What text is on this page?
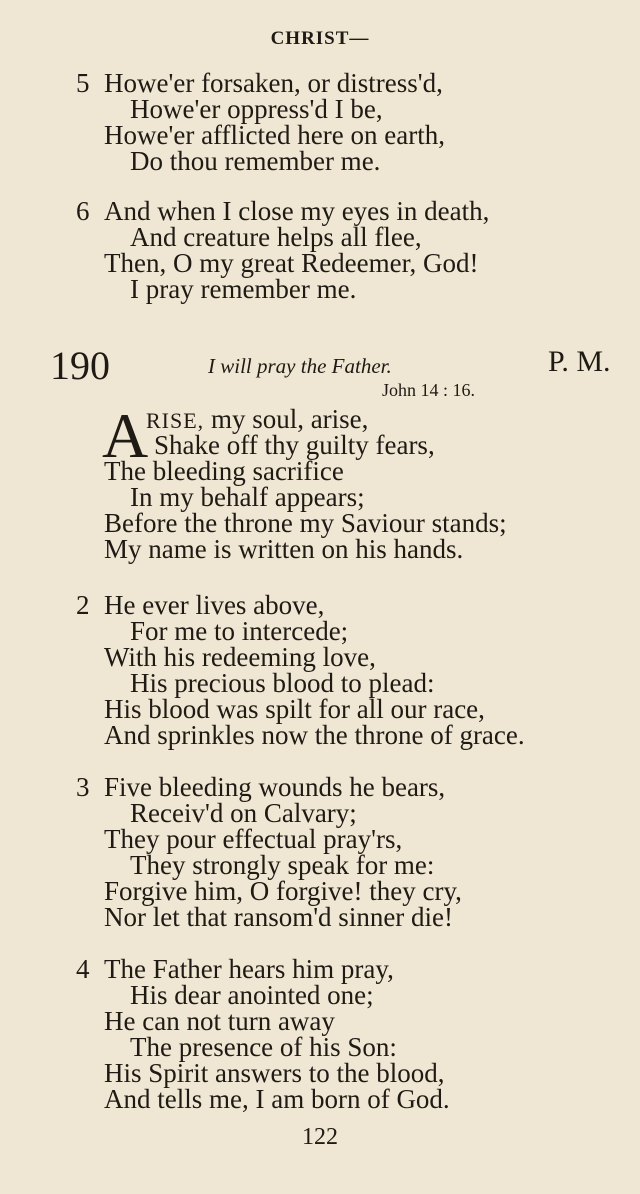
CHRIST—
5 Howe'er forsaken, or distress'd,
Howe'er oppress'd I be,
Howe'er afflicted here on earth,
Do thou remember me.
6 And when I close my eyes in death,
And creature helps all flee,
Then, O my great Redeemer, God!
I pray remember me.
190	I will pray the Father.	P. M.
John 14 : 16.
A
RISE, my soul, arise,
Shake off thy guilty fears,
The bleeding sacrifice
In my behalf appears;
Before the throne my Saviour stands;
My name is written on his hands.
2 He ever lives above,
For me to intercede;
With his redeeming love,
His precious blood to plead:
His blood was spilt for all our race,
And sprinkles now the throne of grace.
3 Five bleeding wounds he bears,
Receiv'd on Calvary;
They pour effectual pray'rs,
They strongly speak for me:
Forgive him, O forgive! they cry,
Nor let that ransom'd sinner die!
4 The Father hears him pray,
His dear anointed one;
He can not turn away
The presence of his Son:
His Spirit answers to the blood,
And tells me, I am born of God.
122
